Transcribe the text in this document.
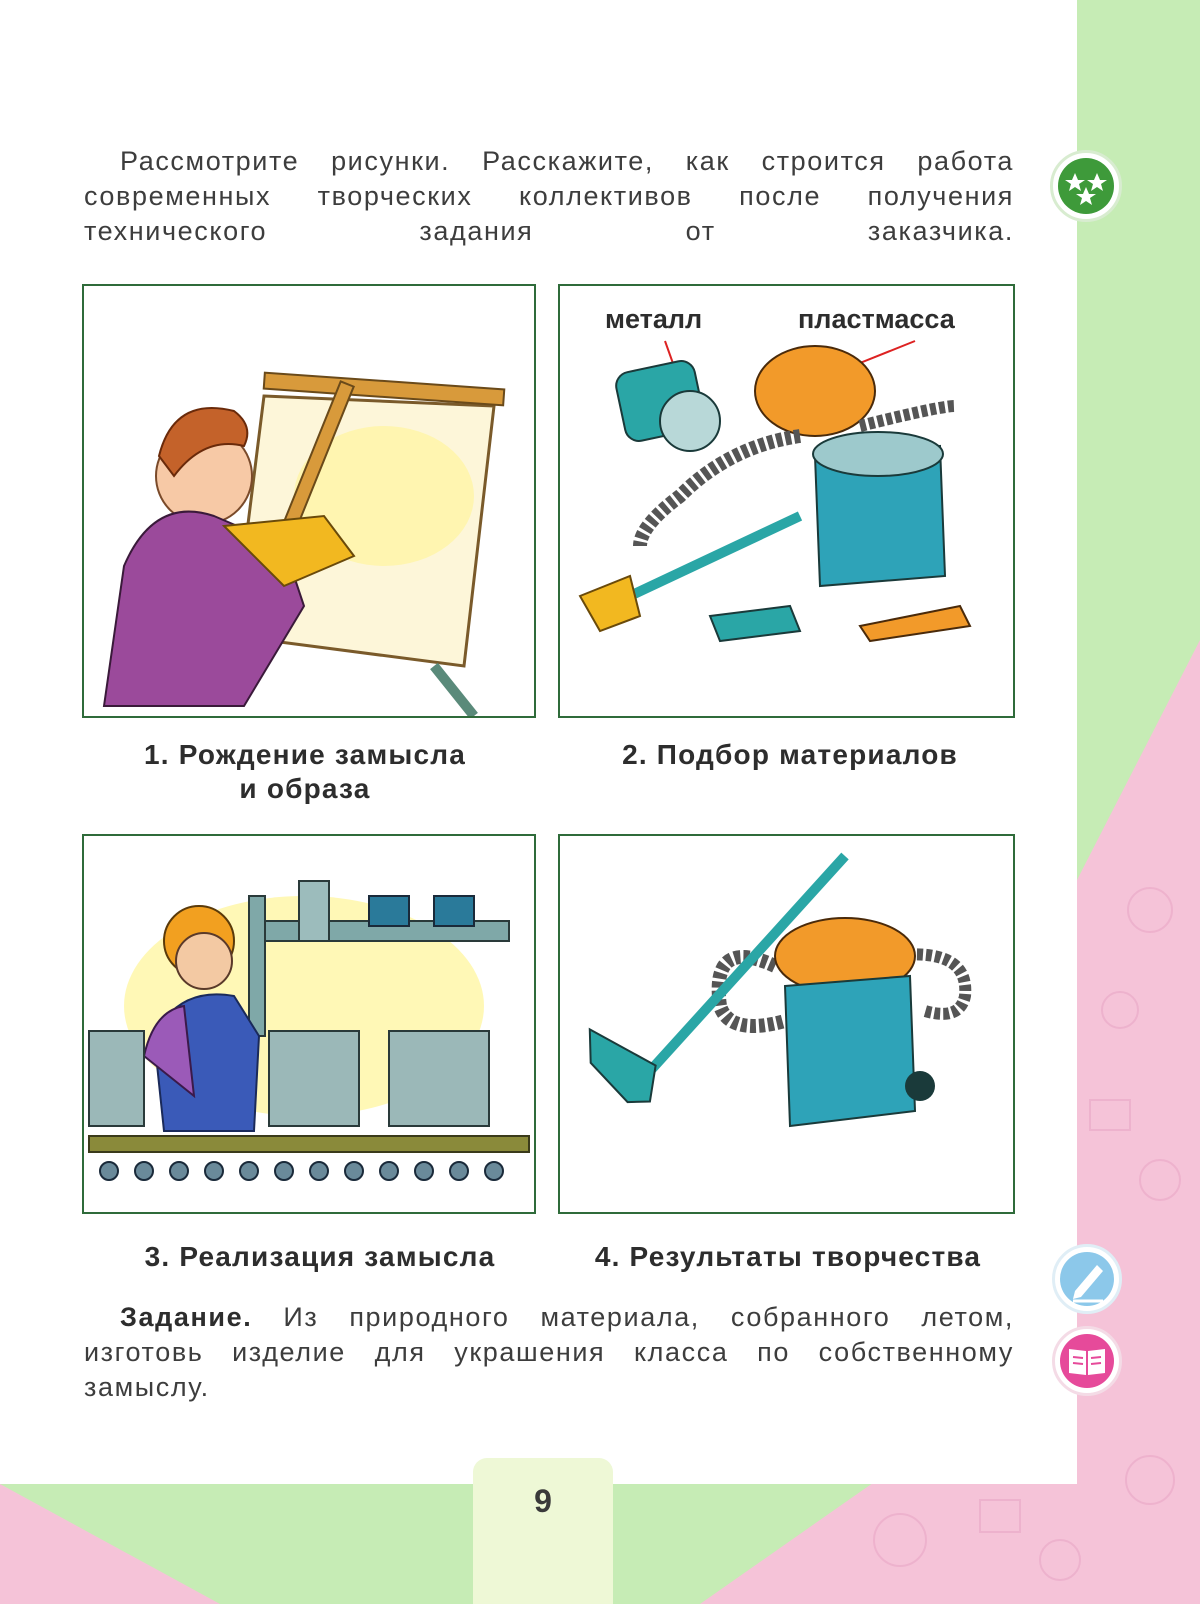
Рассмотрите рисунки. Расскажите, как строится работа современных творческих коллективов после получения технического задания от заказчика.

1. Рождение замысла
и образа
металл	пластмасса
2. Подбор материалов
3. Реализация замысла	4. Результаты творчества
Задание. Из природного материала, собранного летом, изготовь изделие для украшения класса по собственному замыслу.
9
